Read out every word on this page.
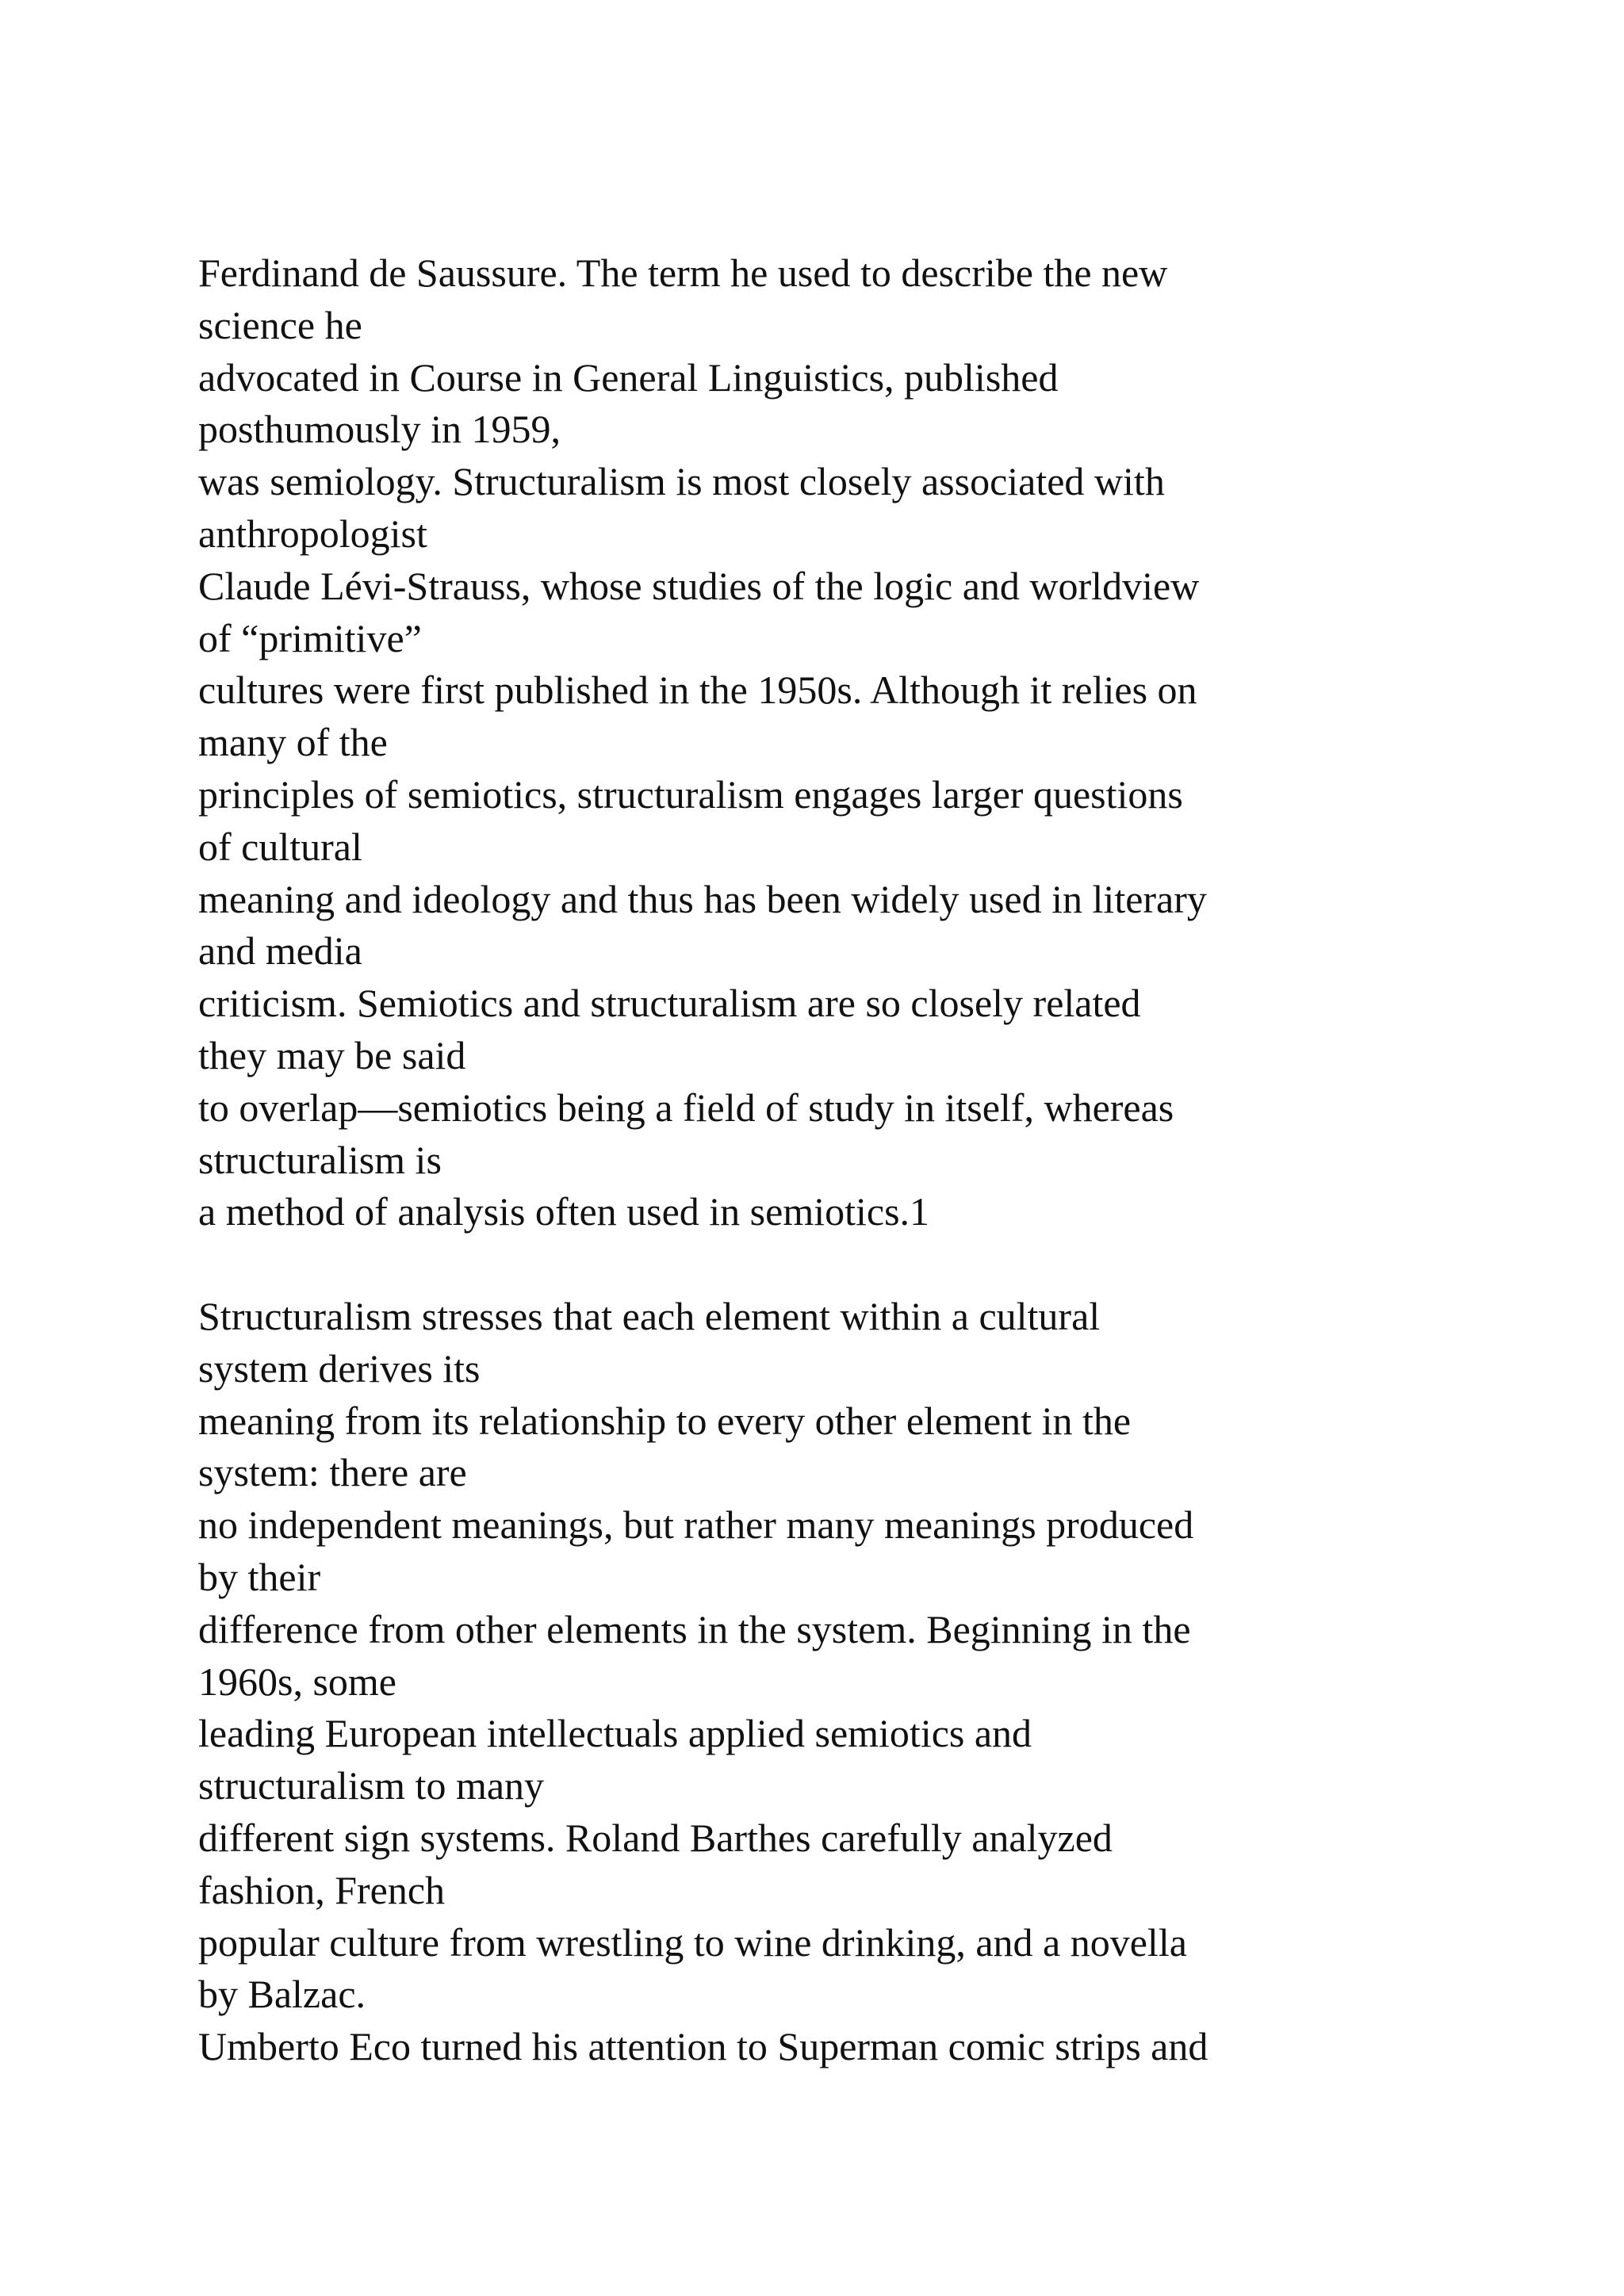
Ferdinand de Saussure. The term he used to describe the new
science he
advocated in Course in General Linguistics, published
posthumously in 1959,
was semiology. Structuralism is most closely associated with
anthropologist
Claude Lévi-Strauss, whose studies of the logic and worldview
of “primitive”
cultures were first published in the 1950s. Although it relies on
many of the
principles of semiotics, structuralism engages larger questions
of cultural
meaning and ideology and thus has been widely used in literary
and media
criticism. Semiotics and structuralism are so closely related
they may be said
to overlap—semiotics being a field of study in itself, whereas
structuralism is
a method of analysis often used in semiotics.1
Structuralism stresses that each element within a cultural
system derives its
meaning from its relationship to every other element in the
system: there are
no independent meanings, but rather many meanings produced
by their
difference from other elements in the system. Beginning in the
1960s, some
leading European intellectuals applied semiotics and
structuralism to many
different sign systems. Roland Barthes carefully analyzed
fashion, French
popular culture from wrestling to wine drinking, and a novella
by Balzac.
Umberto Eco turned his attention to Superman comic strips and
